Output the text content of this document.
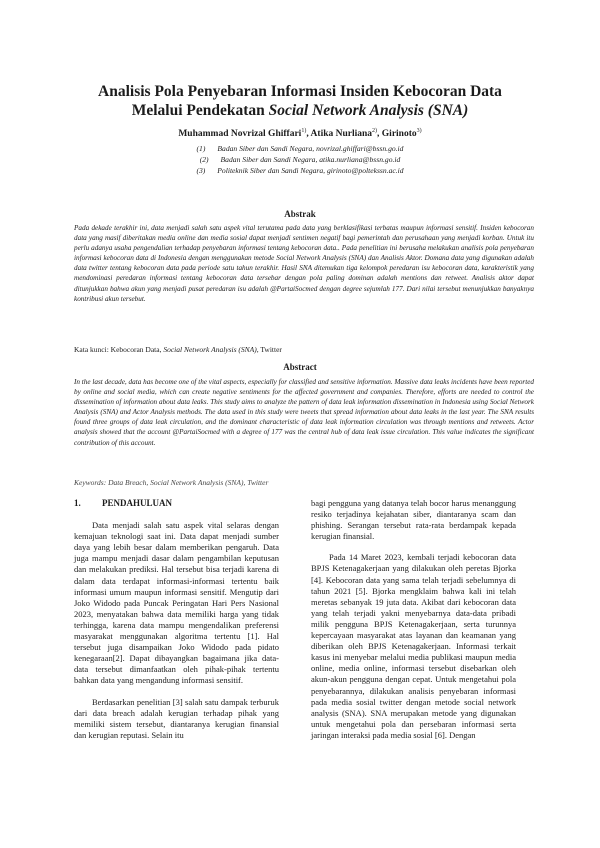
Analisis Pola Penyebaran Informasi Insiden Kebocoran Data
Melalui Pendekatan Social Network Analysis (SNA)
Muhammad Novrizal Ghiffari$^{1)}$, Atika Nurliana$^{2)}$, Girinoto$^{3)}$
(1) Badan Siber dan Sandi Negara, novrizal.ghiffari@bssn.go.id
(2) Badan Siber dan Sandi Negara, atika.nurliana@bssn.go.id
(3) Politeknik Siber dan Sandi Negara, girinoto@poltekssn.ac.id
Abstrak
Pada dekade terakhir ini, data menjadi salah satu aspek vital terutama pada data yang berklasifikasi terbatas maupun informasi sensitif. Insiden kebocoran data yang masif diberitakan media online dan media sosial dapat menjadi sentimen negatif bagi pemerintah dan perusahaan yang menjadi korban. Untuk itu perlu adanya usaha pengendalian terhadap penyebaran informasi tentang kebocoran data.. Pada penelitian ini berusaha melakukan analisis pola penyebaran informasi kebocoran data di Indonesia dengan menggunakan metode Social Network Analysis (SNA) dan Analisis Aktor. Domana data yang digunakan adalah data twitter tentang kebocoran data pada periode satu tahun terakhir. Hasil SNA ditemukan tiga kelompok peredaran isu kebocoran data, karakteristik yang mendominasi peredaran informasi tentang kebocoran data tersebar dengan pola paling dominan adalah mentions dan retweet. Analisis aktor dapat ditunjukkan bahwa akun yang menjadi pusat peredaran isu adalah @PartaiSocmed dengan degree sejumlah 177. Dari nilai tersebut menunjukkan banyaknya kontribusi akun tersebut.
Kata kunci: Kebocoran Data, Social Network Analysis (SNA), Twitter
Abstract
In the last decade, data has become one of the vital aspects, especially for classified and sensitive information. Massive data leaks incidents have been reported by online and social media, which can create negative sentiments for the affected government and companies. Therefore, efforts are needed to control the dissemination of information about data leaks. This study aims to analyze the pattern of data leak information dissemination in Indonesia using Social Network Analysis (SNA) and Actor Analysis methods. The data used in this study were tweets that spread information about data leaks in the last year. The SNA results found three groups of data leak circulation, and the dominant characteristic of data leak information circulation was through mentions and retweets. Actor analysis showed that the account @PartaiSocmed with a degree of 177 was the central hub of data leak issue circulation. This value indicates the significant contribution of this account.
Keywords: Data Breach, Social Network Analysis (SNA), Twitter
1.	PENDAHULUAN

Data menjadi salah satu aspek vital selaras dengan kemajuan teknologi saat ini. Data dapat menjadi sumber daya yang lebih besar dalam memberikan pengaruh. Data juga mampu menjadi dasar dalam pengambilan keputusan dan melakukan prediksi. Hal tersebut bisa terjadi karena di dalam data terdapat informasi-informasi tertentu baik informasi umum maupun informasi sensitif. Mengutip dari Joko Widodo pada Puncak Peringatan Hari Pers Nasional 2023, menyatakan bahwa data memiliki harga yang tidak terhingga, karena data mampu mengendalikan preferensi masyarakat menggunakan algoritma tertentu [1]. Hal tersebut juga disampaikan Joko Widodo pada pidato kenegaraan[2]. Dapat dibayangkan bagaimana jika data-data tersebut dimanfaatkan oleh pihak-pihak tertentu bahkan data yang mengandung informasi sensitif.

Berdasarkan penelitian [3] salah satu dampak terburuk dari data breach adalah kerugian terhadap pihak yang memiliki sistem tersebut, diantaranya kerugian finansial dan kerugian reputasi. Selain itu

bagi pengguna yang datanya telah bocor harus menanggung resiko terjadinya kejahatan siber, diantaranya scam dan phishing. Serangan tersebut rata-rata berdampak kepada kerugian finansial.

Pada 14 Maret 2023, kembali terjadi kebocoran data BPJS Ketenagakerjaan yang dilakukan oleh peretas Bjorka [4]. Kebocoran data yang sama telah terjadi sebelumnya di tahun 2021 [5]. Bjorka mengklaim bahwa kali ini telah meretas sebanyak 19 juta data. Akibat dari kebocoran data yang telah terjadi yakni menyebarnya data-data pribadi milik pengguna BPJS Ketenagakerjaan, serta turunnya kepercayaan masyarakat atas layanan dan keamanan yang diberikan oleh BPJS Ketenagakerjaan. Informasi terkait kasus ini menyebar melalui media publikasi maupun media online, media online, informasi tersebut disebarkan oleh akun-akun pengguna dengan cepat. Untuk mengetahui pola penyebarannya, dilakukan analisis penyebaran informasi pada media sosial twitter dengan metode social network analysis (SNA). SNA merupakan metode yang digunakan untuk mengetahui pola dan persebaran informasi serta jaringan interaksi pada media sosial [6]. Dengan
